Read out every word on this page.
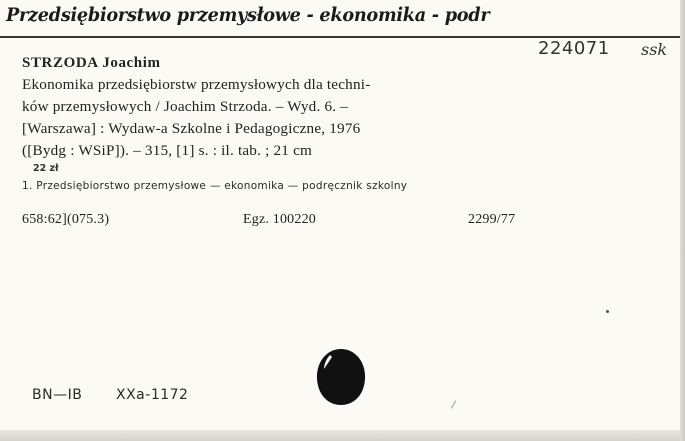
Przedsiębiorstwo przemysłowe - ekonomika - podr
224071 ssk
STRZODA Joachim
Ekonomika przedsiębiorstw przemysłowych dla techni-
ków przemysłowych / Joachim Strzoda. – Wyd. 6. –
[Warszawa] : Wydaw-a Szkolne i Pedagogiczne, 1976
([Bydg : WSiP]). – 315, [1] s. : il. tab. ; 21 cm
22 zł
1. Przedsiębiorstwo przemysłowe — ekonomika — podręcznik szkolny
658:62](075.3)	Egz. 100220	2299/77
BN—IB XXa-1172
